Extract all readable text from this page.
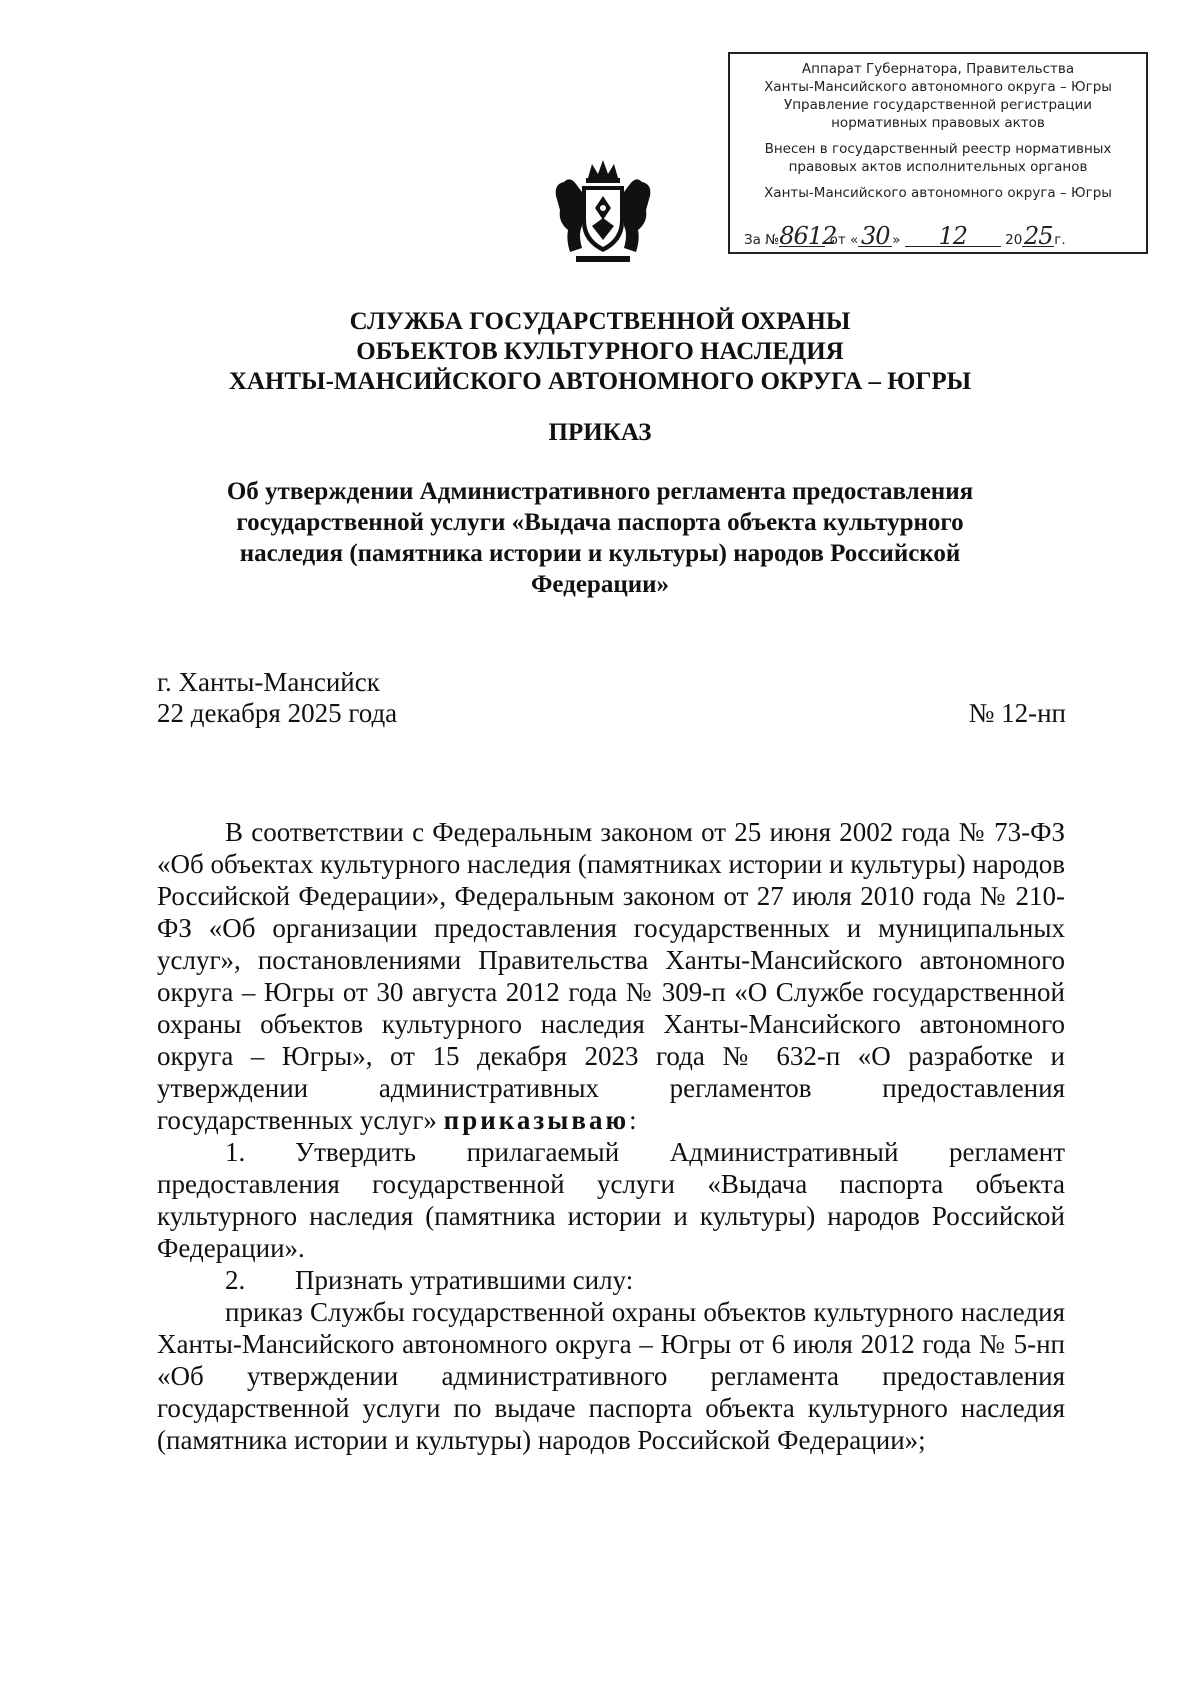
Аппарат Губернатора, Правительства
Ханты-Мансийского автономного округа – Югры
Управление государственной регистрации
нормативных правовых актов
Внесен в государственный реестр нормативных
правовых актов исполнительных органов
Ханты-Мансийского автономного округа – Югры
За №8612 от « 30 » 12	2025 г.
СЛУЖБА ГОСУДАРСТВЕННОЙ ОХРАНЫ
ОБЪЕКТОВ КУЛЬТУРНОГО НАСЛЕДИЯ
ХАНТЫ-МАНСИЙСКОГО АВТОНОМНОГО ОКРУГА – ЮГРЫ
ПРИКАЗ
Об утверждении Административного регламента предоставления
государственной услуги «Выдача паспорта объекта культурного
наследия (памятника истории и культуры) народов Российской
Федерации»
г. Ханты-Мансийск
22 декабря 2025 года	№ 12-нп

В соответствии с Федеральным законом от 25 июня 2002 года № 73-ФЗ «Об объектах культурного наследия (памятниках истории и культуры) народов Российской Федерации», Федеральным законом от 27 июля 2010 года № 210-ФЗ «Об организации предоставления государственных и муниципальных услуг», постановлениями Правительства Ханты-Мансийского автономного округа – Югры от 30 августа 2012 года № 309-п «О Службе государственной охраны объектов культурного наследия Ханты-Мансийского автономного округа – Югры», от 15 декабря 2023 года № 632-п «О разработке и утверждении административных регламентов предоставления государственных услуг» приказываю:

1. Утвердить прилагаемый Административный регламент предоставления государственной услуги «Выдача паспорта объекта культурного наследия (памятника истории и культуры) народов Российской Федерации».

2. Признать утратившими силу:

приказ Службы государственной охраны объектов культурного наследия Ханты-Мансийского автономного округа – Югры от 6 июля 2012 года № 5-нп «Об утверждении административного регламента предоставления государственной услуги по выдаче паспорта объекта культурного наследия (памятника истории и культуры) народов Российской Федерации»;
